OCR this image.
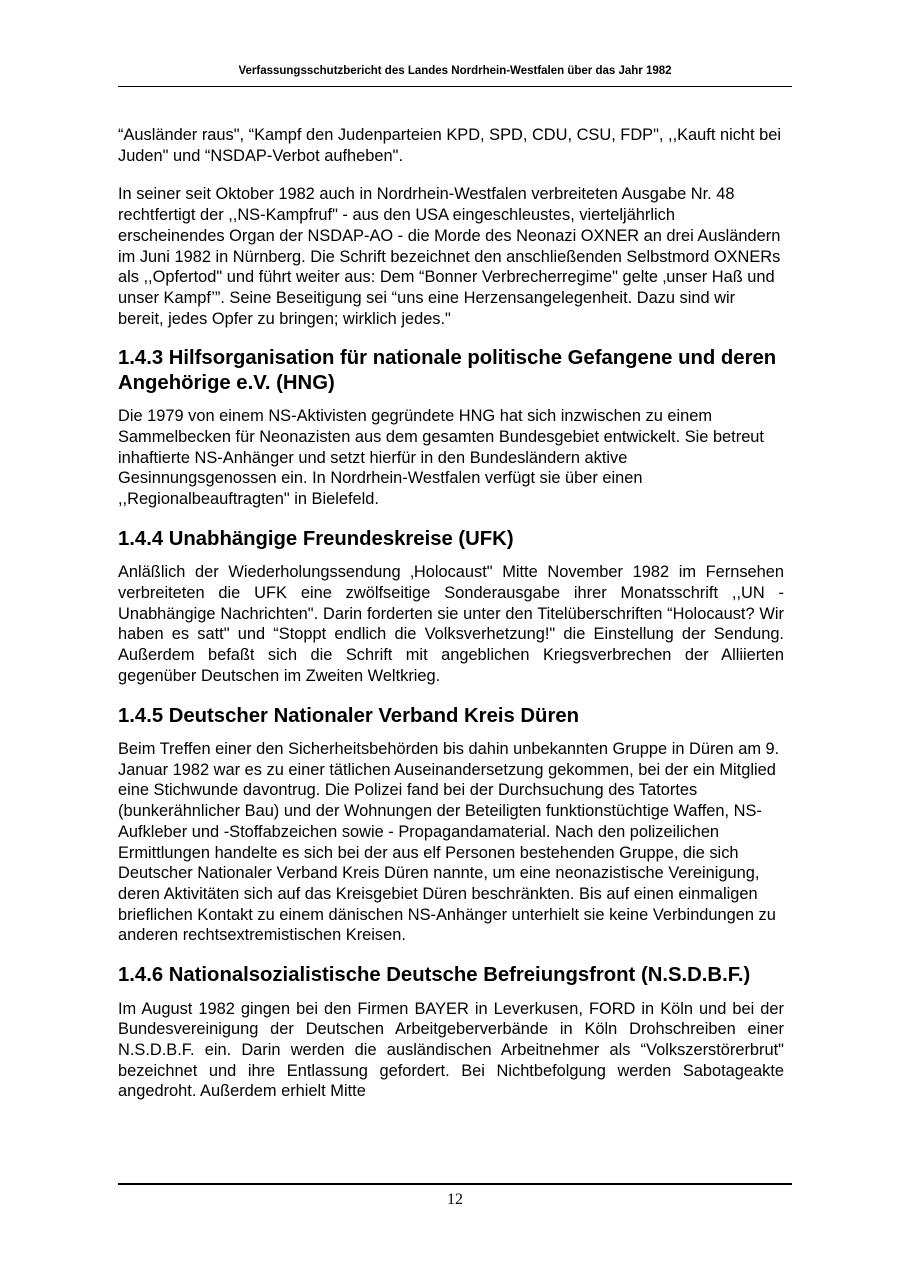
Verfassungsschutzbericht des Landes Nordrhein-Westfalen über das Jahr 1982

“Ausländer raus", “Kampf den Judenparteien KPD, SPD, CDU, CSU, FDP", ,,Kauft nicht bei Juden" und “NSDAP-Verbot aufheben".

In seiner seit Oktober 1982 auch in Nordrhein-Westfalen verbreiteten Ausgabe Nr. 48 rechtfertigt der ,,NS-Kampfruf" - aus den USA eingeschleustes, vierteljährlich erscheinendes Organ der NSDAP-AO - die Morde des Neonazi OXNER an drei Ausländern im Juni 1982 in Nürnberg. Die Schrift bezeichnet den anschließenden Selbstmord OXNERs als ,,Opfertod" und führt weiter aus: Dem “Bonner Verbrecherregime" gelte ‚unser Haß und unser Kampf’”. Seine Beseitigung sei “uns eine Herzensangelegenheit. Dazu sind wir bereit, jedes Opfer zu bringen; wirklich jedes."

1.4.3 Hilfsorganisation für nationale politische Gefangene und deren Angehörige e.V. (HNG)

Die 1979 von einem NS-Aktivisten gegründete HNG hat sich inzwischen zu einem Sammelbecken für Neonazisten aus dem gesamten Bundesgebiet entwickelt. Sie betreut inhaftierte NS-Anhänger und setzt hierfür in den Bundesländern aktive Gesinnungsgenossen ein. In Nordrhein-Westfalen verfügt sie über einen ,,Regionalbeauftragten" in Bielefeld.

1.4.4 Unabhängige Freundeskreise (UFK)

Anläßlich der Wiederholungssendung ‚Holocaust" Mitte November 1982 im Fernsehen verbreiteten die UFK eine zwölfseitige Sonderausgabe ihrer Monatsschrift ,,UN - Unabhängige Nachrichten". Darin forderten sie unter den Titelüberschriften “Holocaust? Wir haben es satt" und “Stoppt endlich die Volksverhetzung!" die Einstellung der Sendung. Außerdem befaßt sich die Schrift mit angeblichen Kriegsverbrechen der Alliierten gegenüber Deutschen im Zweiten Weltkrieg.

1.4.5 Deutscher Nationaler Verband Kreis Düren

Beim Treffen einer den Sicherheitsbehörden bis dahin unbekannten Gruppe in Düren am 9. Januar 1982 war es zu einer tätlichen Auseinandersetzung gekommen, bei der ein Mitglied eine Stichwunde davontrug. Die Polizei fand bei der Durchsuchung des Tatortes (bunkerähnlicher Bau) und der Wohnungen der Beteiligten funktionstüchtige Waffen, NS-Aufkleber und -Stoffabzeichen sowie - Propagandamaterial. Nach den polizeilichen Ermittlungen handelte es sich bei der aus elf Personen bestehenden Gruppe, die sich Deutscher Nationaler Verband Kreis Düren nannte, um eine neonazistische Vereinigung, deren Aktivitäten sich auf das Kreisgebiet Düren beschränkten. Bis auf einen einmaligen brieflichen Kontakt zu einem dänischen NS-Anhänger unterhielt sie keine Verbindungen zu anderen rechtsextremistischen Kreisen.

1.4.6 Nationalsozialistische Deutsche Befreiungsfront (N.S.D.B.F.)

Im August 1982 gingen bei den Firmen BAYER in Leverkusen, FORD in Köln und bei der Bundesvereinigung der Deutschen Arbeitgeberverbände in Köln Drohschreiben einer N.S.D.B.F. ein. Darin werden die ausländischen Arbeitnehmer als “Volkszerstörerbrut" bezeichnet und ihre Entlassung gefordert. Bei Nichtbefolgung werden Sabotageakte angedroht. Außerdem erhielt Mitte

12
